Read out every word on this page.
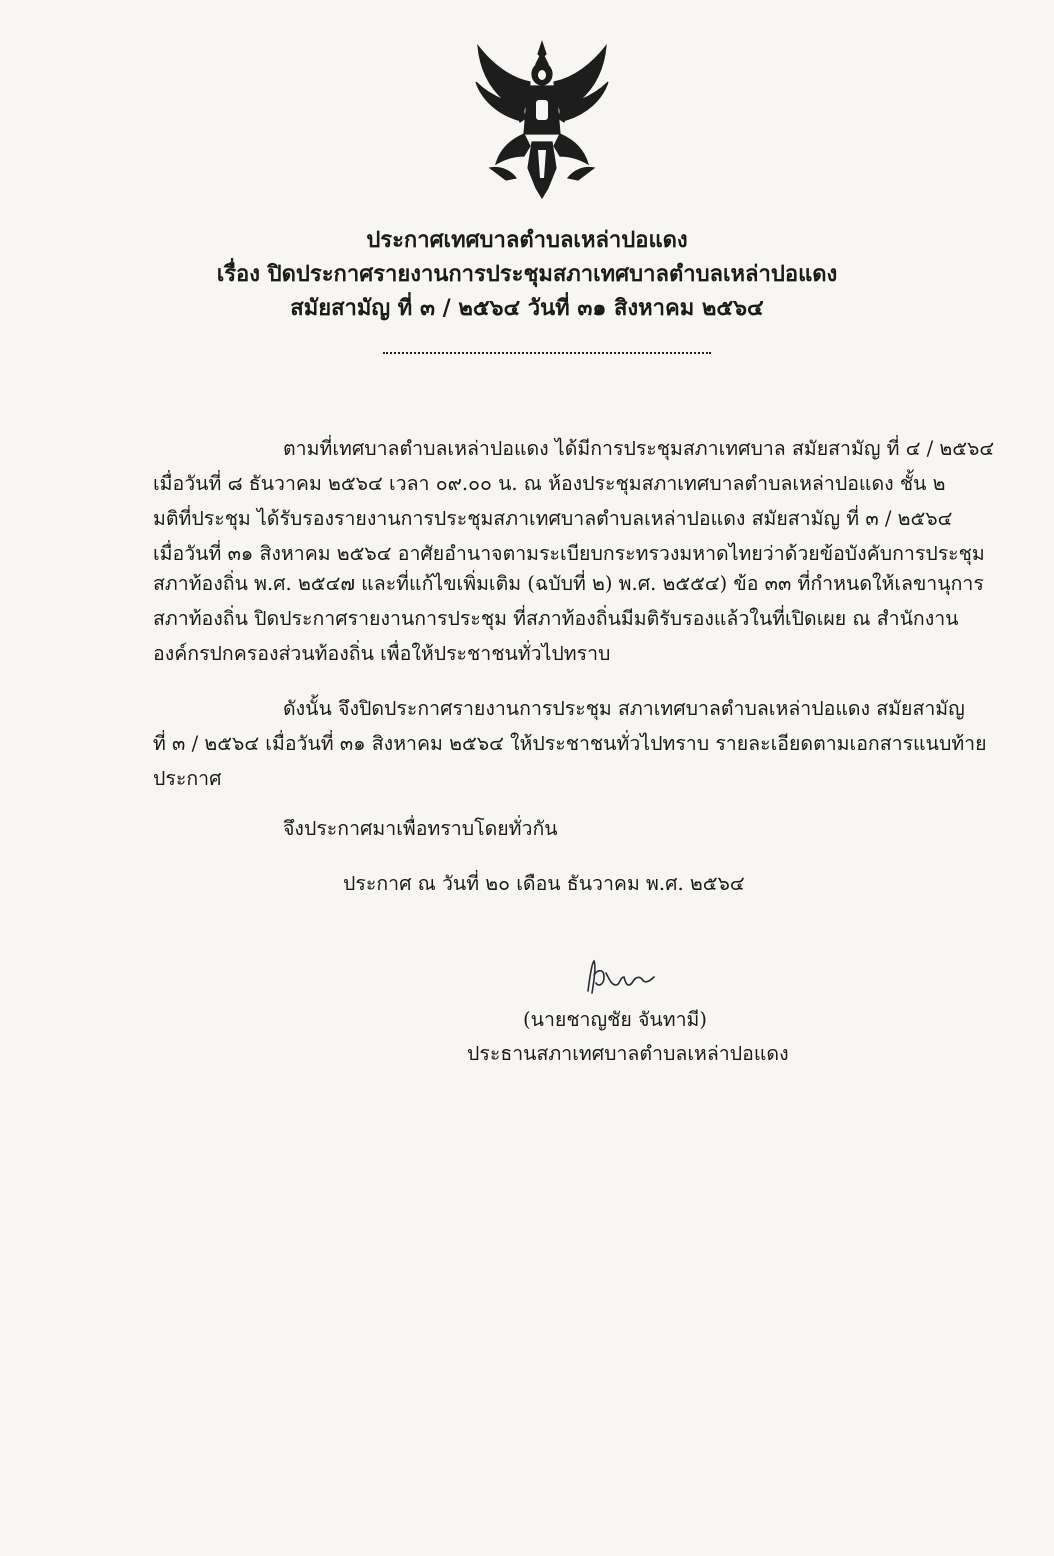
ประกาศเทศบาลตำบลเหล่าปอแดง
เรื่อง ปิดประกาศรายงานการประชุมสภาเทศบาลตำบลเหล่าปอแดง
สมัยสามัญ ที่ ๓ / ๒๕๖๔ วันที่ ๓๑ สิงหาคม ๒๕๖๔
ตามที่เทศบาลตำบลเหล่าปอแดง ได้มีการประชุมสภาเทศบาล สมัยสามัญ ที่ ๔ / ๒๕๖๔
เมื่อวันที่ ๘ ธันวาคม ๒๕๖๔ เวลา ๐๙.๐๐ น. ณ ห้องประชุมสภาเทศบาลตำบลเหล่าปอแดง ชั้น ๒
มติที่ประชุม ได้รับรองรายงานการประชุมสภาเทศบาลตำบลเหล่าปอแดง สมัยสามัญ ที่ ๓ / ๒๕๖๔
เมื่อวันที่ ๓๑ สิงหาคม ๒๕๖๔ อาศัยอำนาจตามระเบียบกระทรวงมหาดไทยว่าด้วยข้อบังคับการประชุม
สภาท้องถิ่น พ.ศ. ๒๕๔๗ และที่แก้ไขเพิ่มเติม (ฉบับที่ ๒) พ.ศ. ๒๕๕๔) ข้อ ๓๓ ที่กำหนดให้เลขานุการ
สภาท้องถิ่น ปิดประกาศรายงานการประชุม ที่สภาท้องถิ่นมีมติรับรองแล้วในที่เปิดเผย ณ สำนักงาน
องค์กรปกครองส่วนท้องถิ่น เพื่อให้ประชาชนทั่วไปทราบ
ดังนั้น จึงปิดประกาศรายงานการประชุม สภาเทศบาลตำบลเหล่าปอแดง สมัยสามัญ
ที่ ๓ / ๒๕๖๔ เมื่อวันที่ ๓๑ สิงหาคม ๒๕๖๔ ให้ประชาชนทั่วไปทราบ รายละเอียดตามเอกสารแนบท้าย
ประกาศ
จึงประกาศมาเพื่อทราบโดยทั่วกัน
ประกาศ ณ วันที่ ๒๐ เดือน ธันวาคม พ.ศ. ๒๕๖๔
(นายชาญชัย จันทามี)
ประธานสภาเทศบาลตำบลเหล่าปอแดง
